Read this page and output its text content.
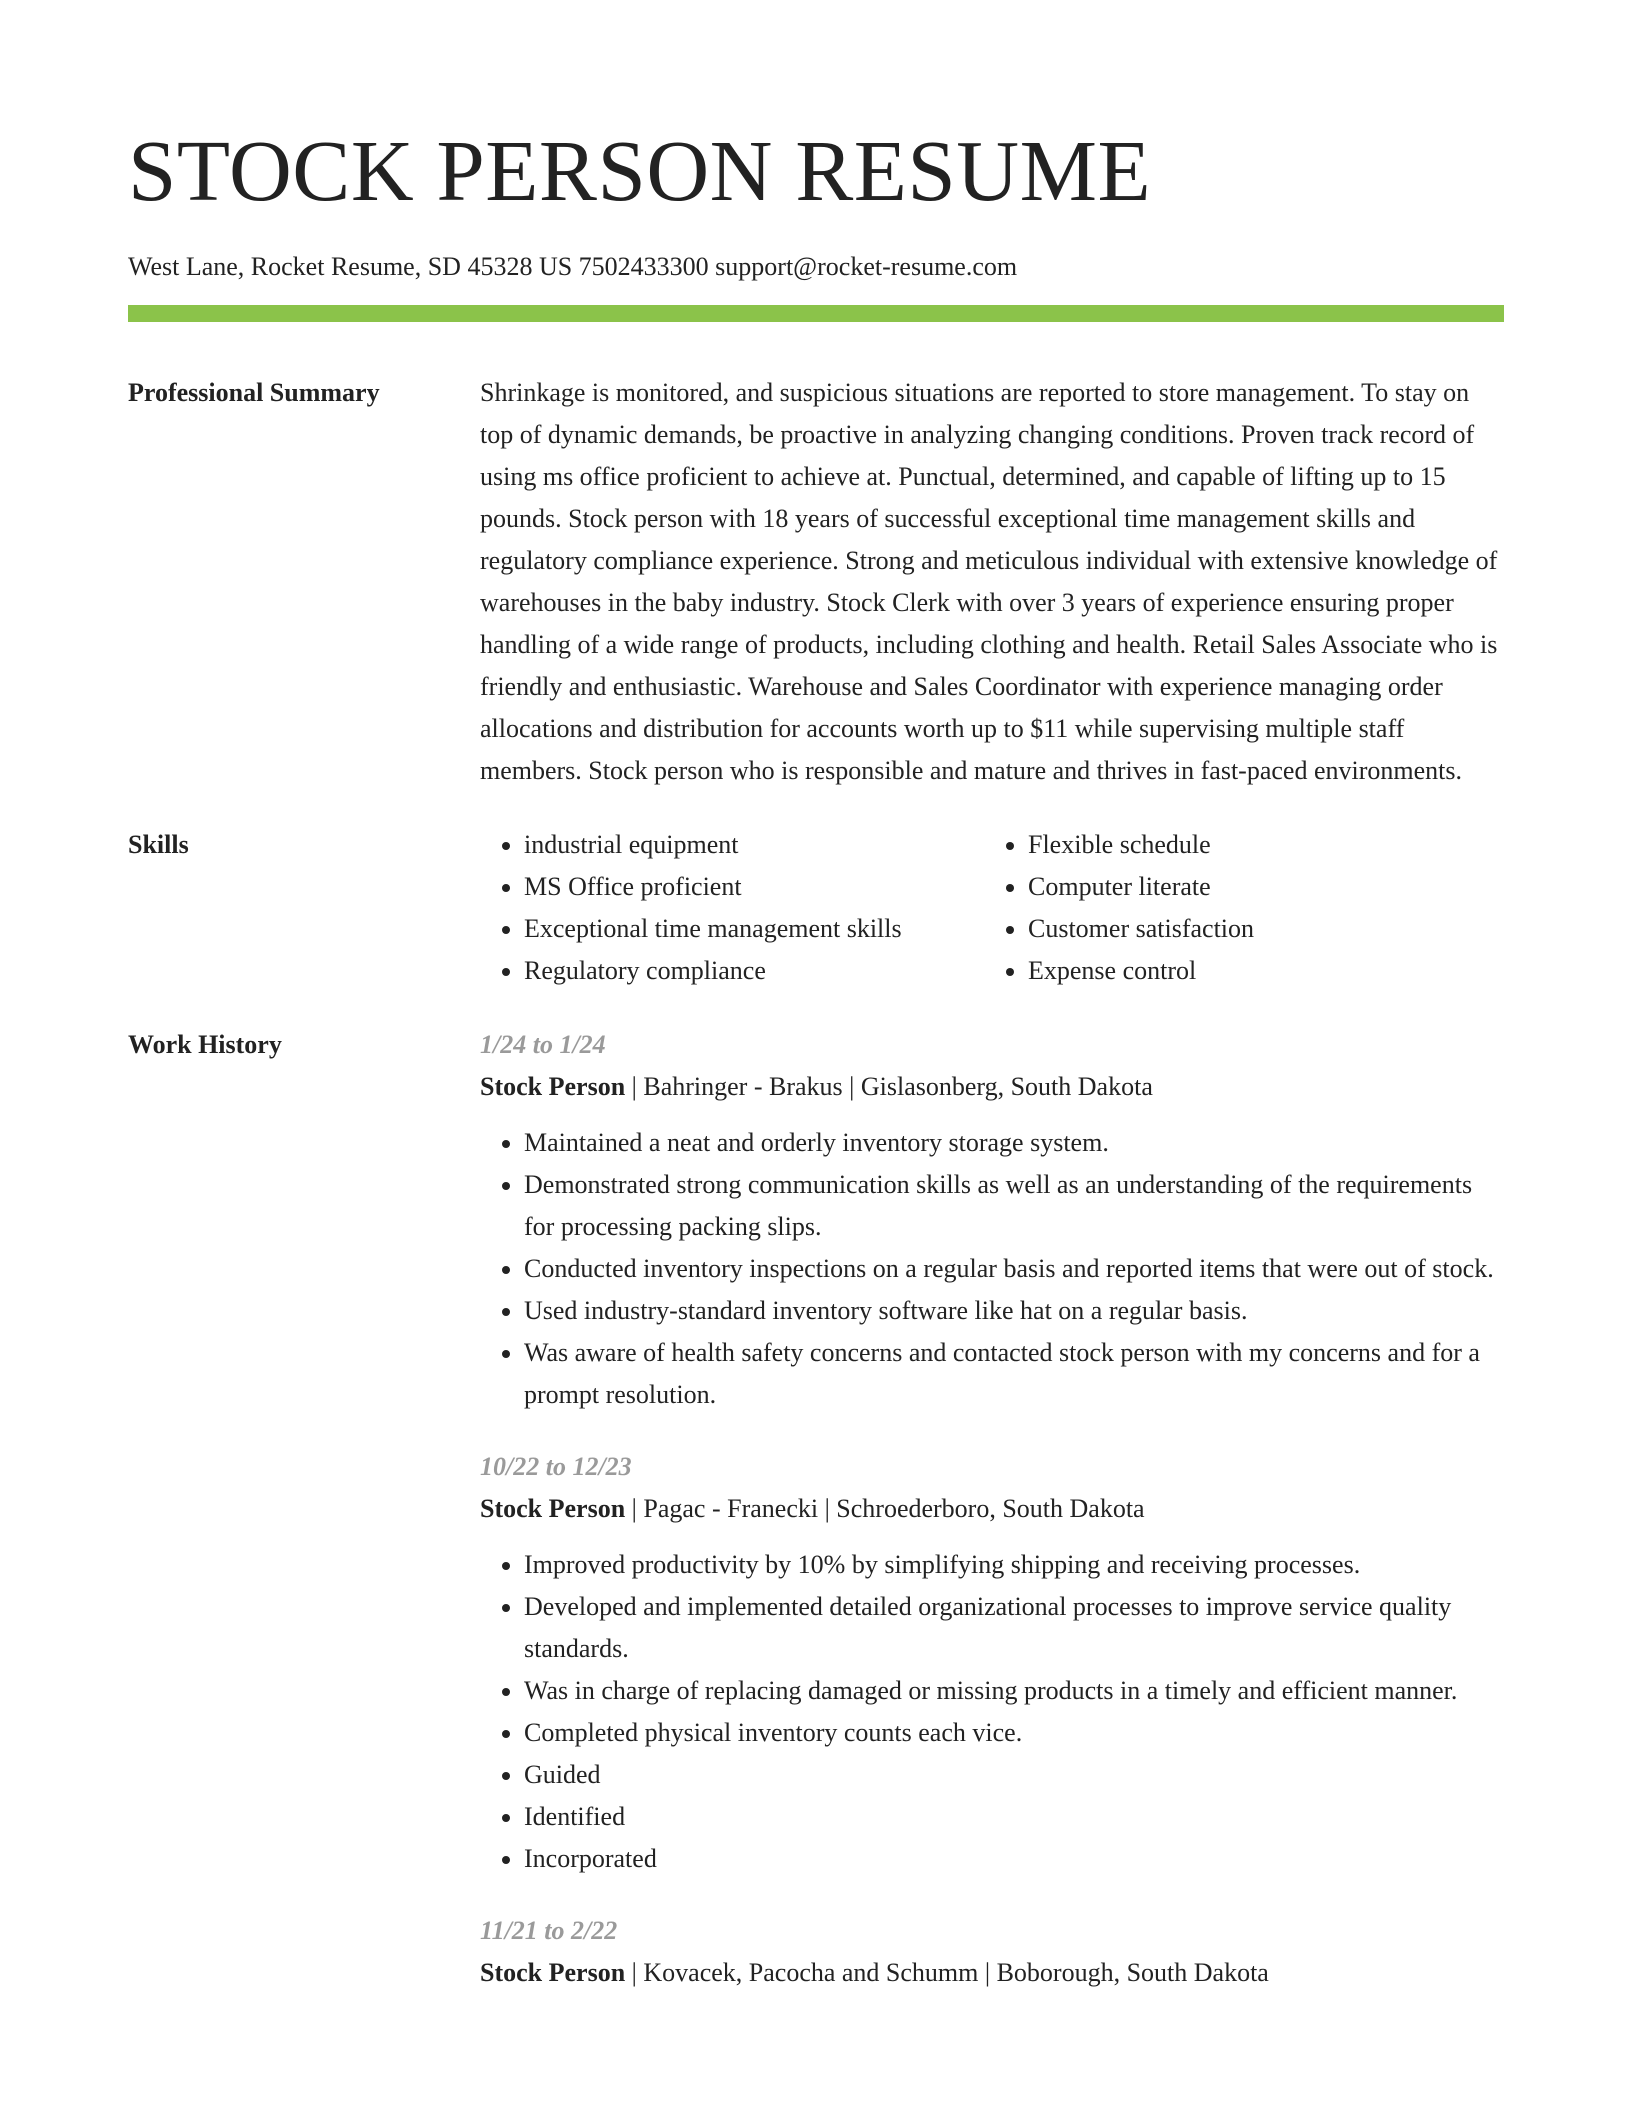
STOCK PERSON RESUME
West Lane, Rocket Resume, SD 45328 US 7502433300 support@rocket-resume.com
Professional Summary	Shrinkage is monitored, and suspicious situations are reported to store management. To stay on top of dynamic demands, be proactive in analyzing changing conditions. Proven track record of using ms office proficient to achieve at. Punctual, determined, and capable of lifting up to 15 pounds. Stock person with 18 years of successful exceptional time management skills and regulatory compliance experience. Strong and meticulous individual with extensive knowledge of warehouses in the baby industry. Stock Clerk with over 3 years of experience ensuring proper handling of a wide range of products, including clothing and health. Retail Sales Associate who is friendly and enthusiastic. Warehouse and Sales Coordinator with experience managing order allocations and distribution for accounts worth up to $11 while supervising multiple staff members. Stock person who is responsible and mature and thrives in fast-paced environments.
Skills
•	industrial equipment
• MS Office proficient
• Exceptional time management skills
• Regulatory compliance
• Flexible schedule
• Computer literate
• Customer satisfaction
• Expense control
Work History	1/24 to 1/24
Stock Person | Bahringer - Brakus | Gislasonberg, South Dakota
• Maintained a neat and orderly inventory storage system.
• Demonstrated strong communication skills as well as an understanding of the requirements for processing packing slips.
• Conducted inventory inspections on a regular basis and reported items that were out of stock.
• Used industry-standard inventory software like hat on a regular basis.
• Was aware of health safety concerns and contacted stock person with my concerns and for a prompt resolution.
10/22 to 12/23
Stock Person | Pagac - Franecki | Schroederboro, South Dakota
• Improved productivity by 10% by simplifying shipping and receiving processes.
• Developed and implemented detailed organizational processes to improve service quality standards.
• Was in charge of replacing damaged or missing products in a timely and efficient manner.
• Completed physical inventory counts each vice.
• Guided
• Identified
• Incorporated
11/21 to 2/22
Stock Person | Kovacek, Pacocha and Schumm | Boborough, South Dakota
